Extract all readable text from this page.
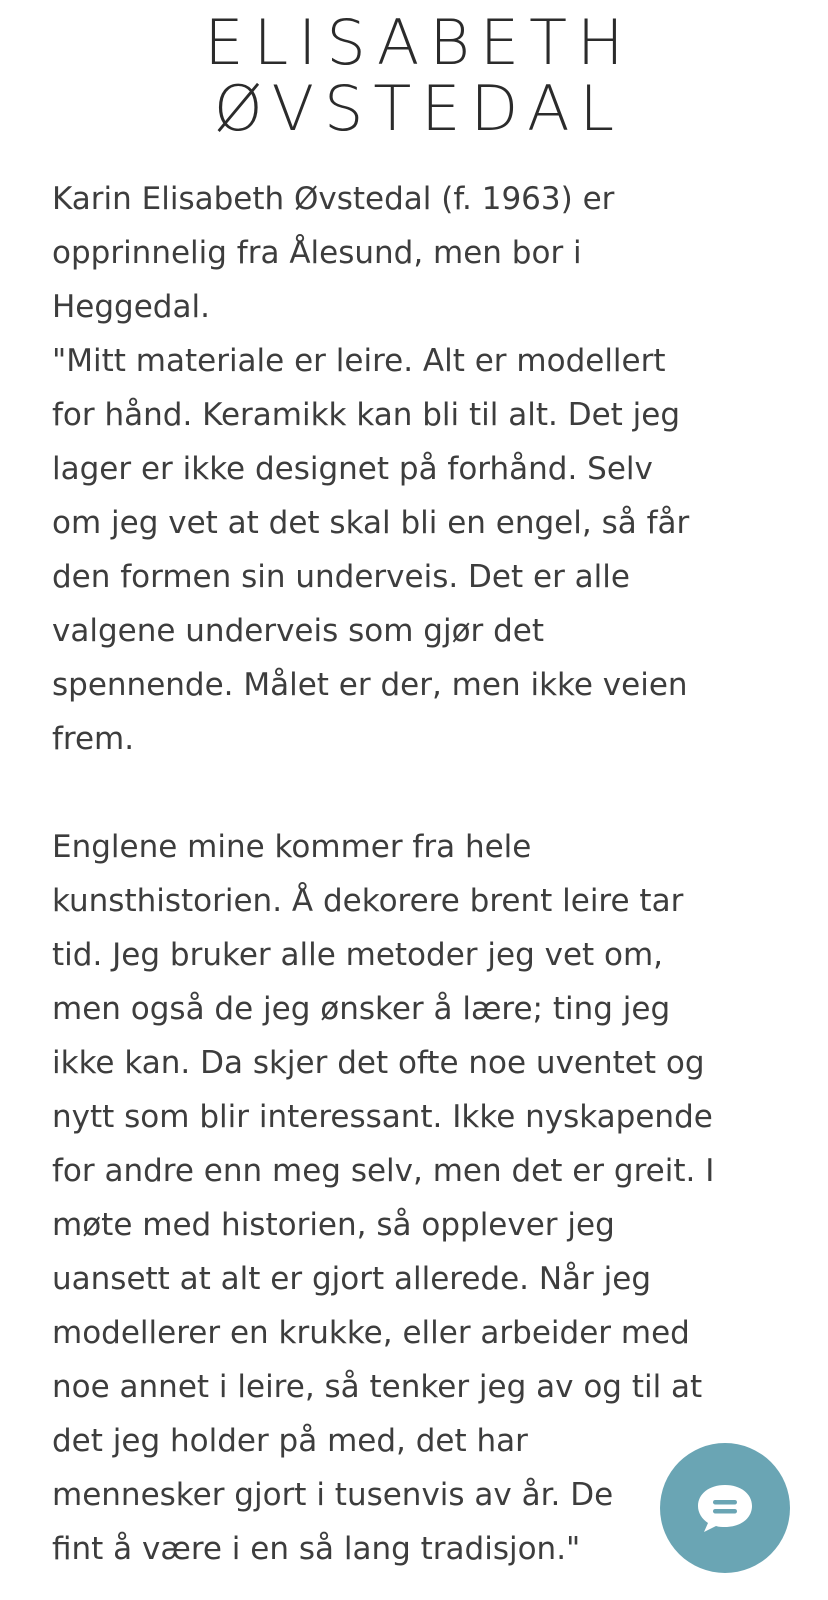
ELISABETH
ØVSTEDAL

Karin Elisabeth Øvstedal (f. 1963) er
opprinnelig fra Ålesund, men bor i
Heggedal.

"Mitt materiale er leire. Alt er modellert
for hånd. Keramikk kan bli til alt. Det jeg
lager er ikke designet på forhånd. Selv
om jeg vet at det skal bli en engel, så får
den formen sin underveis. Det er alle
valgene underveis som gjør det
spennende. Målet er der, men ikke veien
frem.

Englene mine kommer fra hele
kunsthistorien. Å dekorere brent leire tar
tid. Jeg bruker alle metoder jeg vet om,
men også de jeg ønsker å lære; ting jeg
ikke kan. Da skjer det ofte noe uventet og
nytt som blir interessant. Ikke nyskapende
for andre enn meg selv, men det er greit. I
møte med historien, så opplever jeg
uansett at alt er gjort allerede. Når jeg
modellerer en krukke, eller arbeider med
noe annet i leire, så tenker jeg av og til at
det jeg holder på med, det har
mennesker gjort i tusenvis av år. De
fint å være i en så lang tradisjon."
